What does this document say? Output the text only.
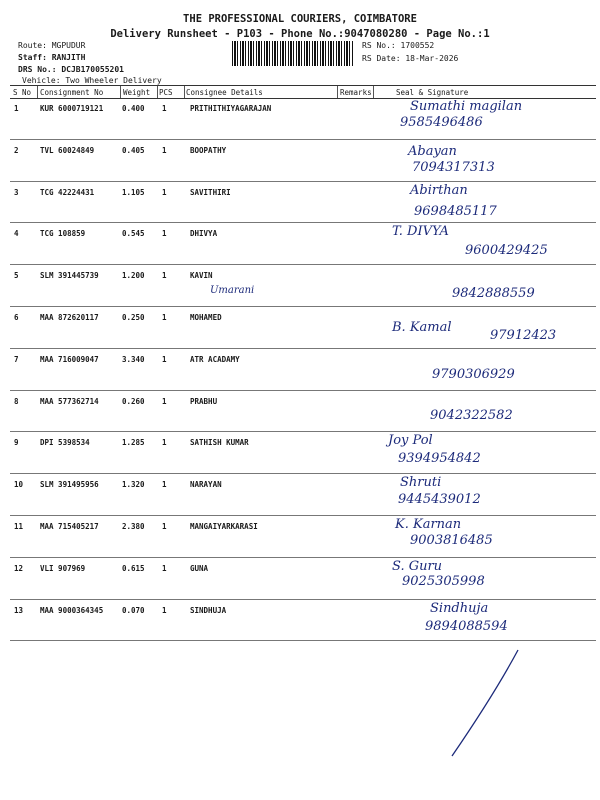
THE PROFESSIONAL COURIERS, COIMBATORE
Delivery Runsheet - P103 - Phone No.:9047080280 - Page No.:1
Route: MGPUDUR
Staff: RANJITH
DRS No.: DCJB170055201
Vehicle: Two Wheeler Delivery
RS No.: 1700552
RS Date: 18-Mar-2026
S No Consignment No	Weight PCS Consignee Details	Remarks	Seal & Signature
1	KUR 6000719121	0.400 1	PRITHITHIYAGARAJAN	Sumathi magilan
9585496486
2	TVL 60024849	0.405 1	BOOPATHY	Abayan
7094317313
3	TCG 42224431	1.105 1	SAVITHIRI	Abirthan
9698485117
4	TCG 108859	0.545 1	DHIVYA	T. DIVYA
9600429425
5	SLM 391445739	1.200 1	KAVIN
Umarani	9842888559
6	MAA 872620117	0.250 1	MOHAMED
B. Kamal
97912423
7	MAA 716009047	3.340 1	ATR ACADAMY
9790306929
8	MAA 577362714	0.260 1	PRABHU
9042322582
9	DPI 5398534	1.285 1	SATHISH KUMAR	Joy Pol
9394954842
10 SLM 391495956	1.320 1	NARAYAN	Shruti
9445439012
11 MAA 715405217	2.380 1	MANGAIYARKARASI	K. Karnan
9003816485
12 VLI 907969	0.615 1	GUNA	S. Guru
9025305998
13 MAA 9000364345	0.070 1	SINDHUJA	Sindhuja
9894088594
